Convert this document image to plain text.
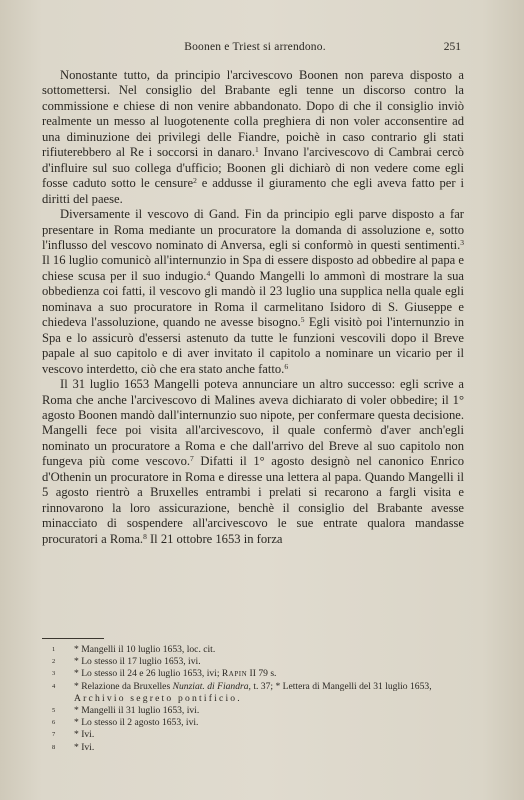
Boonen e Triest si arrendono.	251

Nonostante tutto, da principio l'arcivescovo Boonen non pareva disposto a sottomettersi. Nel consiglio del Brabante egli tenne un discorso contro la commissione e chiese di non venire abbandonato. Dopo di che il consiglio inviò realmente un messo al luogotenente colla preghiera di non voler acconsentire ad una diminuzione dei privilegi delle Fiandre, poichè in caso contrario gli stati rifiuterebbero al Re i soccorsi in danaro.$^1$ Invano l'arcivescovo di Cambrai cercò d'influire sul suo collega d'ufficio; Boonen gli dichiarò di non vedere come egli fosse caduto sotto le censure$^2$ e addusse il giuramento che egli aveva fatto per i diritti del paese.

Diversamente il vescovo di Gand. Fin da principio egli parve disposto a far presentare in Roma mediante un procuratore la domanda di assoluzione e, sotto l'influsso del vescovo nominato di Anversa, egli si conformò in questi sentimenti.$^3$ Il 16 luglio comunicò all'internunzio in Spa di essere disposto ad obbedire al papa e chiese scusa per il suo indugio.$^4$ Quando Mangelli lo ammonì di mostrare la sua obbedienza coi fatti, il vescovo gli mandò il 23 luglio una supplica nella quale egli nominava a suo procuratore in Roma il carmelitano Isidoro di S. Giuseppe e chiedeva l'assoluzione, quando ne avesse bisogno.$^5$ Egli visitò poi l'internunzio in Spa e lo assicurò d'essersi astenuto da tutte le funzioni vescovili dopo il Breve papale al suo capitolo e di aver invitato il capitolo a nominare un vicario per il vescovo interdetto, ciò che era stato anche fatto.$^6$

Il 31 luglio 1653 Mangelli poteva annunciare un altro successo: egli scrive a Roma che anche l'arcivescovo di Malines aveva dichiarato di voler obbedire; il 1° agosto Boonen mandò dall'internunzio suo nipote, per confermare questa decisione. Mangelli fece poi visita all'arcivescovo, il quale confermò d'aver anch'egli nominato un procuratore a Roma e che dall'arrivo del Breve al suo capitolo non fungeva più come vescovo.$^7$ Difatti il 1° agosto designò nel canonico Enrico d'Othenin un procuratore in Roma e diresse una lettera al papa. Quando Mangelli il 5 agosto rientrò a Bruxelles entrambi i prelati si recarono a fargli visita e rinnovarono la loro assicurazione, benchè il consiglio del Brabante avesse minacciato di sospendere all'arcivescovo le sue entrate qualora mandasse procuratori a Roma.$^8$ Il 21 ottobre 1653 in forza

1 * Mangelli il 10 luglio 1653, loc. cit.
2 * Lo stesso il 17 luglio 1653, ivi.
3 * Lo stesso il 24 e 26 luglio 1653, ivi; Rapin II 79 s.
4 * Relazione da Bruxelles Nunziat. di Fiandra, t. 37; * Lettera di Mangelli del 31 luglio 1653, Archivio segreto pontificio.
5 * Mangelli il 31 luglio 1653, ivi.
6 * Lo stesso il 2 agosto 1653, ivi.
7 * Ivi.
8 * Ivi.
